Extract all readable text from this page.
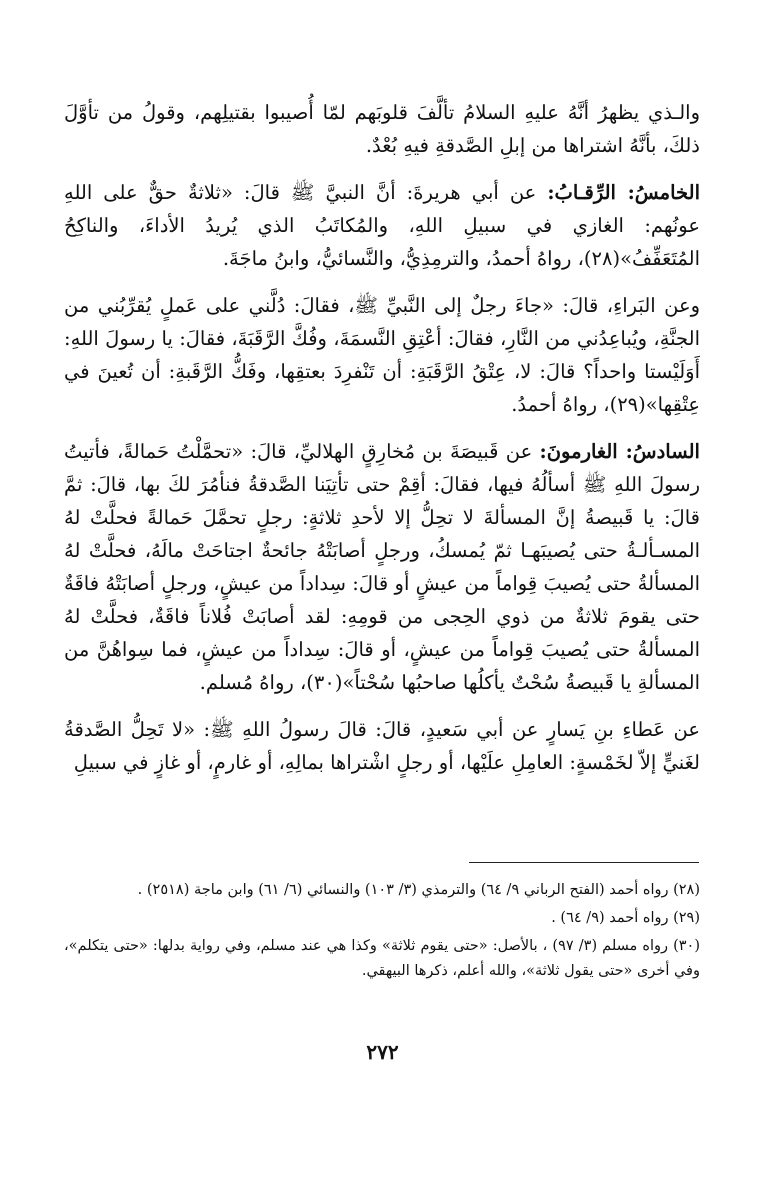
والـذي يظهرُ أنَّهُ عليهِ السلامُ تألَّفَ قلوبَهم لمّا أُصيبوا بقتيلِهم، وقولُ من تأوَّلَ ذلكَ، بأنَّهُ اشتراها من إبلِ الصَّدقةِ فيهِ بُعْدٌ.

الخامسُ: الرِّقـابُ: عن أبي هريرةَ: أنَّ النبيَّ ﷺ قالَ: «ثلاثةٌ حقٌّ على اللهِ عونُهم: الغازي في سبيلِ اللهِ، والمُكاتَبُ الذي يُريدُ الأداءَ، والناكِحُ المُتَعَفِّفُ»(٢٨)، رواهُ أحمدُ، والترمِذِيُّ، والنَّسائيُّ، وابنُ ماجَةَ.

وعن البَراءِ، قالَ: «جاءَ رجلٌ إلى النَّبيِّ ﷺ، فقالَ: دُلَّني على عَملٍ يُقرِّبُني من الجنَّةِ، ويُباعِدُني من النَّارِ، فقالَ: أعْتِقِ النَّسمَةَ، وفُكَّ الرَّقَبَةَ، فقالَ: يا رسولَ اللهِ: أَوَلَيْستا واحداً؟ قالَ: لا، عِتْقُ الرَّقَبَةِ: أن تَنْفرِدَ بعتقِها، وفَكُّ الرَّقَبةِ: أن تُعينَ في عِتْقِها»(٢٩)، رواهُ أحمدُ.

السادسُ: الغارمونَ: عن قَبيصَةَ بن مُخارِقٍ الهلاليِّ، قالَ: «تحمَّلْتُ حَمالةً، فأتيتُ رسولَ اللهِ ﷺ أسألُهُ فيها، فقالَ: أقِمْ حتى تأتِيَنا الصَّدقةُ فنأمُرَ لكَ بها، قالَ: ثمَّ قالَ: يا قَبيصةُ إنَّ المسألةَ لا تحِلُّ إلا لأحدِ ثلاثةٍ: رجلٍ تحمَّلَ حَمالةً فحلَّتْ لهُ المسـألـةُ حتى يُصيبَهـا ثمّ يُمسكُ، ورجلٍ أصابَتْهُ جائحةٌ اجتاحَتْ مالَهُ، فحلَّتْ لهُ المسألةُ حتى يُصيبَ قِواماً من عيشٍ أو قالَ: سِداداً من عيشٍ، ورجلٍ أصابَتْهُ فاقَةٌ حتى يقومَ ثلاثةٌ من ذوي الحِجى من قومِهِ: لقد أصابَتْ فُلاناً فاقَةٌ، فحلَّتْ لهُ المسألةُ حتى يُصيبَ قِواماً من عيشٍ، أو قالَ: سِداداً من عيشٍ، فما سِواهُنَّ من المسألةِ يا قَبيصةُ سُحْتٌ يأكلُها صاحبُها سُحْتاً»(٣٠)، رواهُ مُسلم.

عن عَطاءِ بنِ يَسارٍ عن أبي سَعيدٍ، قالَ: قالَ رسولُ اللهِ ﷺ: «لا تَحِلُّ الصَّدقةُ لغَنيٍّ إلاّ لخَمْسةٍ: العامِلِ علَيْها، أو رجلٍ اشْتراها بمالِهِ، أو غارمٍ، أو غازٍ في سبيلِ

(٢٨) رواه أحمد (الفتح الرباني ٩/ ٦٤) والترمذي (٣/ ١٠٣) والنسائي (٦/ ٦١) وابن ماجة (٢٥١٨) .

(٢٩) رواه أحمد (٩/ ٦٤) .

(٣٠) رواه مسلم (٣/ ٩٧) ، بالأصل: «حتى يقوم ثلاثة» وكذا هي عند مسلم، وفي رواية بدلها: «حتى يتكلم»، وفي أخرى «حتى يقول ثلاثة»، والله أعلم، ذكرها البيهقي.

٢٧٢
